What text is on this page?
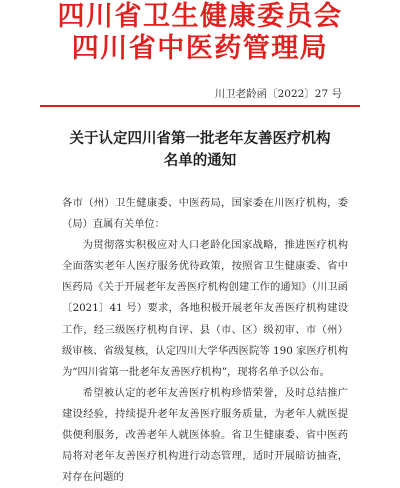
四川省卫生健康委员会
四川省中医药管理局
川卫老龄函〔2022〕27 号
关于认定四川省第一批老年友善医疗机构
名单的通知

各市（州）卫生健康委、中医药局，国家委在川医疗机构，委（局）直属有关单位：

为贯彻落实积极应对人口老龄化国家战略，推进医疗机构全面落实老年人医疗服务优待政策，按照省卫生健康委、省中医药局《关于开展老年友善医疗机构创建工作的通知》（川卫函〔2021〕41 号）要求，各地积极开展老年友善医疗机构建设工作，经三级医疗机构自评、县（市、区）级初审、市（州）级审核、省级复核，认定四川大学华西医院等 190 家医疗机构为“四川省第一批老年友善医疗机构”，现将名单予以公布。

希望被认定的老年友善医疗机构珍惜荣誉，及时总结推广建设经验，持续提升老年友善医疗服务质量，为老年人就医提供便利服务，改善老年人就医体验。省卫生健康委、省中医药局将对老年友善医疗机构进行动态管理，适时开展暗访抽查，对存在问题的
